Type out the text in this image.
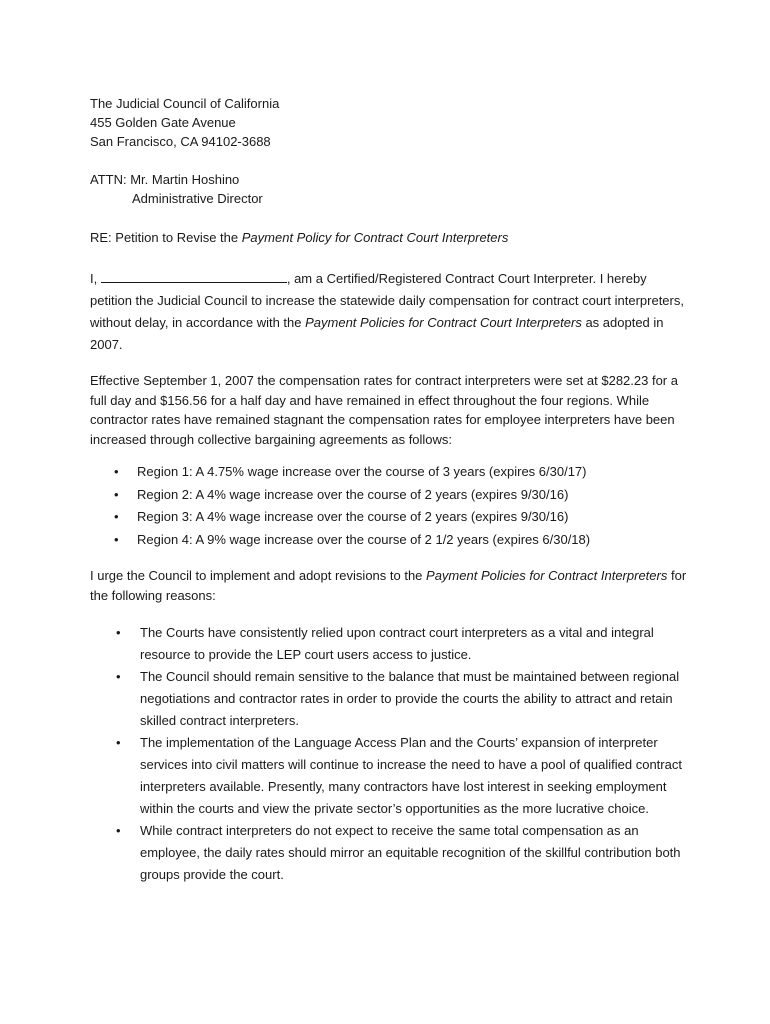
The Judicial Council of California
455 Golden Gate Avenue
San Francisco, CA 94102-3688
ATTN: Mr. Martin Hoshino
Administrative Director
RE: Petition to Revise the Payment Policy for Contract Court Interpreters
I,	, am a Certified/Registered Contract Court Interpreter. I hereby petition the Judicial Council to increase the statewide daily compensation for contract court interpreters, without delay, in accordance with the Payment Policies for Contract Court Interpreters as adopted in 2007.
Effective September 1, 2007 the compensation rates for contract interpreters were set at $282.23 for a full day and $156.56 for a half day and have remained in effect throughout the four regions. While contractor rates have remained stagnant the compensation rates for employee interpreters have been increased through collective bargaining agreements as follows:
• Region 1: A 4.75% wage increase over the course of 3 years (expires 6/30/17)
• Region 2: A 4% wage increase over the course of 2 years (expires 9/30/16)
• Region 3: A 4% wage increase over the course of 2 years (expires 9/30/16)
• Region 4: A 9% wage increase over the course of 2 1/2 years (expires 6/30/18)
I urge the Council to implement and adopt revisions to the Payment Policies for Contract Interpreters for the following reasons:
• The Courts have consistently relied upon contract court interpreters as a vital and integral resource to provide the LEP court users access to justice.
• The Council should remain sensitive to the balance that must be maintained between regional negotiations and contractor rates in order to provide the courts the ability to attract and retain skilled contract interpreters.
• The implementation of the Language Access Plan and the Courts’ expansion of interpreter services into civil matters will continue to increase the need to have a pool of qualified contract interpreters available. Presently, many contractors have lost interest in seeking employment within the courts and view the private sector’s opportunities as the more lucrative choice.
• While contract interpreters do not expect to receive the same total compensation as an employee, the daily rates should mirror an equitable recognition of the skillful contribution both groups provide the court.
